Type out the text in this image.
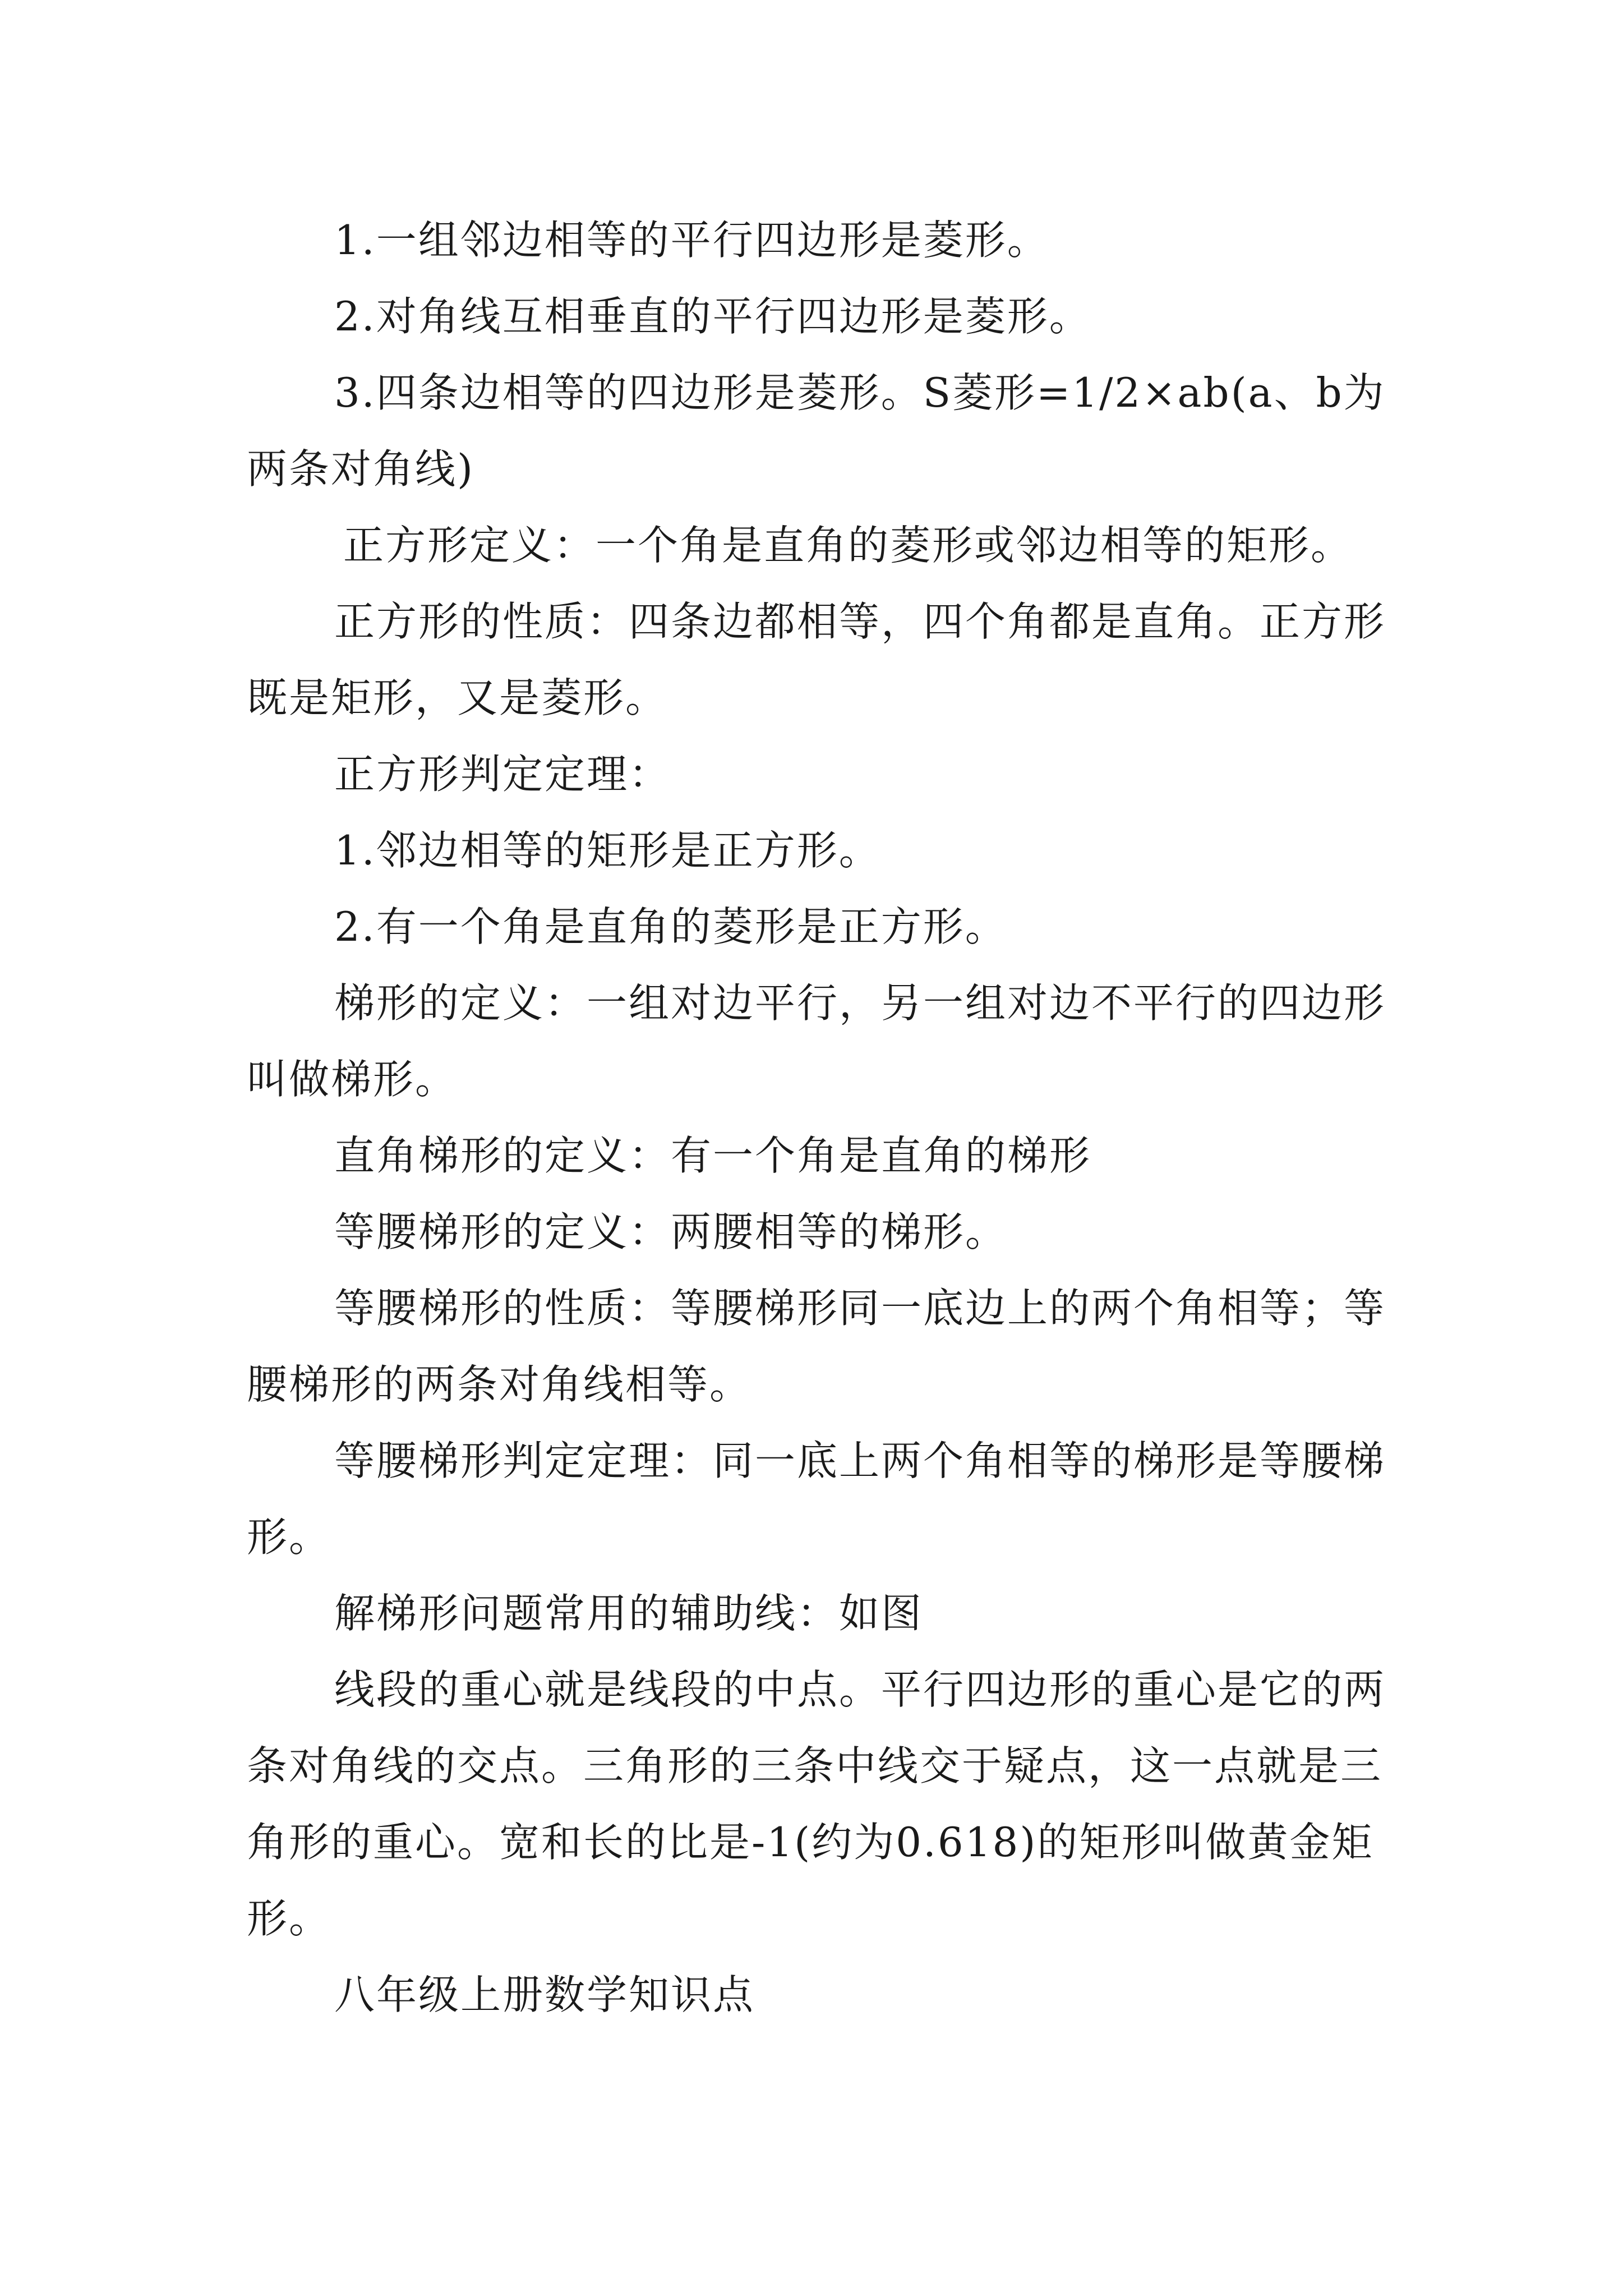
1.一组邻边相等的平行四边形是菱形。

2.对角线互相垂直的平行四边形是菱形。

3.四条边相等的四边形是菱形。S菱形=1/2×ab(a、b为两条对角线)

正方形定义：一个角是直角的菱形或邻边相等的矩形。

正方形的性质：四条边都相等，四个角都是直角。正方形既是矩形，又是菱形。

正方形判定定理：

1.邻边相等的矩形是正方形。

2.有一个角是直角的菱形是正方形。

梯形的定义：一组对边平行，另一组对边不平行的四边形叫做梯形。

直角梯形的定义：有一个角是直角的梯形

等腰梯形的定义：两腰相等的梯形。

等腰梯形的性质：等腰梯形同一底边上的两个角相等；等腰梯形的两条对角线相等。

等腰梯形判定定理：同一底上两个角相等的梯形是等腰梯形。

解梯形问题常用的辅助线：如图

线段的重心就是线段的中点。平行四边形的重心是它的两条对角线的交点。三角形的三条中线交于疑点，这一点就是三角形的重心。宽和长的比是-1(约为0.618)的矩形叫做黄金矩形。

八年级上册数学知识点
